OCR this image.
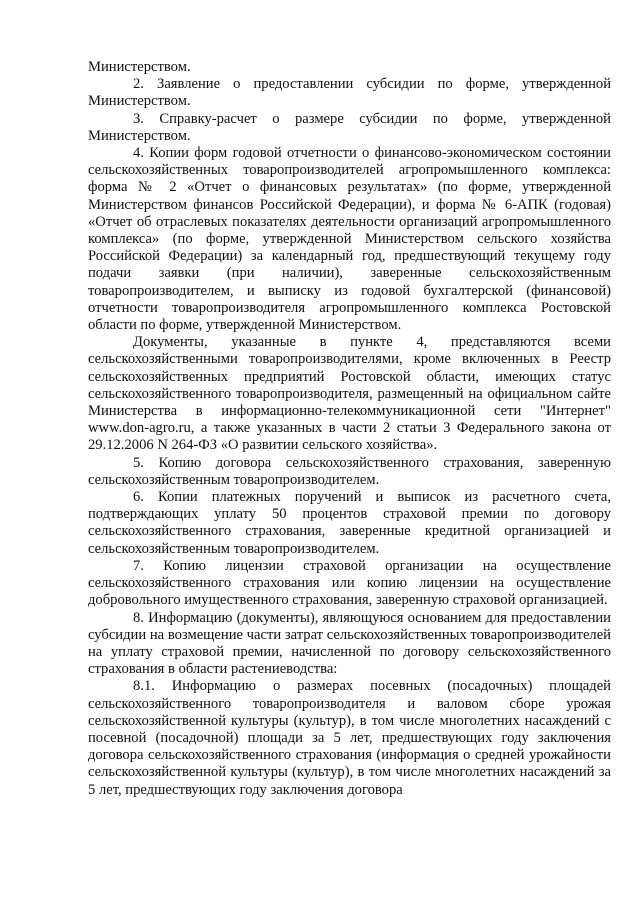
Министерством.

2. Заявление о предоставлении субсидии по форме, утвержденной Министерством.

3. Справку-расчет о размере субсидии по форме, утвержденной Министерством.

4. Копии форм годовой отчетности о финансово-экономическом состоянии сельскохозяйственных товаропроизводителей агропромышленного комплекса: форма № 2 «Отчет о финансовых результатах» (по форме, утвержденной Министерством финансов Российской Федерации), и форма № 6-АПК (годовая) «Отчет об отраслевых показателях деятельности организаций агропромышленного комплекса» (по форме, утвержденной Министерством сельского хозяйства Российской Федерации) за календарный год, предшествующий текущему году подачи заявки (при наличии), заверенные сельскохозяйственным товаропроизводителем, и выписку из годовой бухгалтерской (финансовой) отчетности товаропроизводителя агропромышленного комплекса Ростовской области по форме, утвержденной Министерством.

Документы, указанные в пункте 4, представляются всеми сельскохозяйственными товаропроизводителями, кроме включенных в Реестр сельскохозяйственных предприятий Ростовской области, имеющих статус сельскохозяйственного товаропроизводителя, размещенный на официальном сайте Министерства в информационно-телекоммуникационной сети "Интернет" www.don-agro.ru, а также указанных в части 2 статьи 3 Федерального закона от 29.12.2006 N 264-ФЗ «О развитии сельского хозяйства».

5. Копию договора сельскохозяйственного страхования, заверенную сельскохозяйственным товаропроизводителем.

6. Копии платежных поручений и выписок из расчетного счета, подтверждающих уплату 50 процентов страховой премии по договору сельскохозяйственного страхования, заверенные кредитной организацией и сельскохозяйственным товаропроизводителем.

7. Копию лицензии страховой организации на осуществление сельскохозяйственного страхования или копию лицензии на осуществление добровольного имущественного страхования, заверенную страховой организацией.

8. Информацию (документы), являющуюся основанием для предоставлении субсидии на возмещение части затрат сельскохозяйственных товаропроизводителей на уплату страховой премии, начисленной по договору сельскохозяйственного страхования в области растениеводства:

8.1. Информацию о размерах посевных (посадочных) площадей сельскохозяйственного товаропроизводителя и валовом сборе урожая сельскохозяйственной культуры (культур), в том числе многолетних насаждений с посевной (посадочной) площади за 5 лет, предшествующих году заключения договора сельскохозяйственного страхования (информация о средней урожайности сельскохозяйственной культуры (культур), в том числе многолетних насаждений за 5 лет, предшествующих году заключения договора
